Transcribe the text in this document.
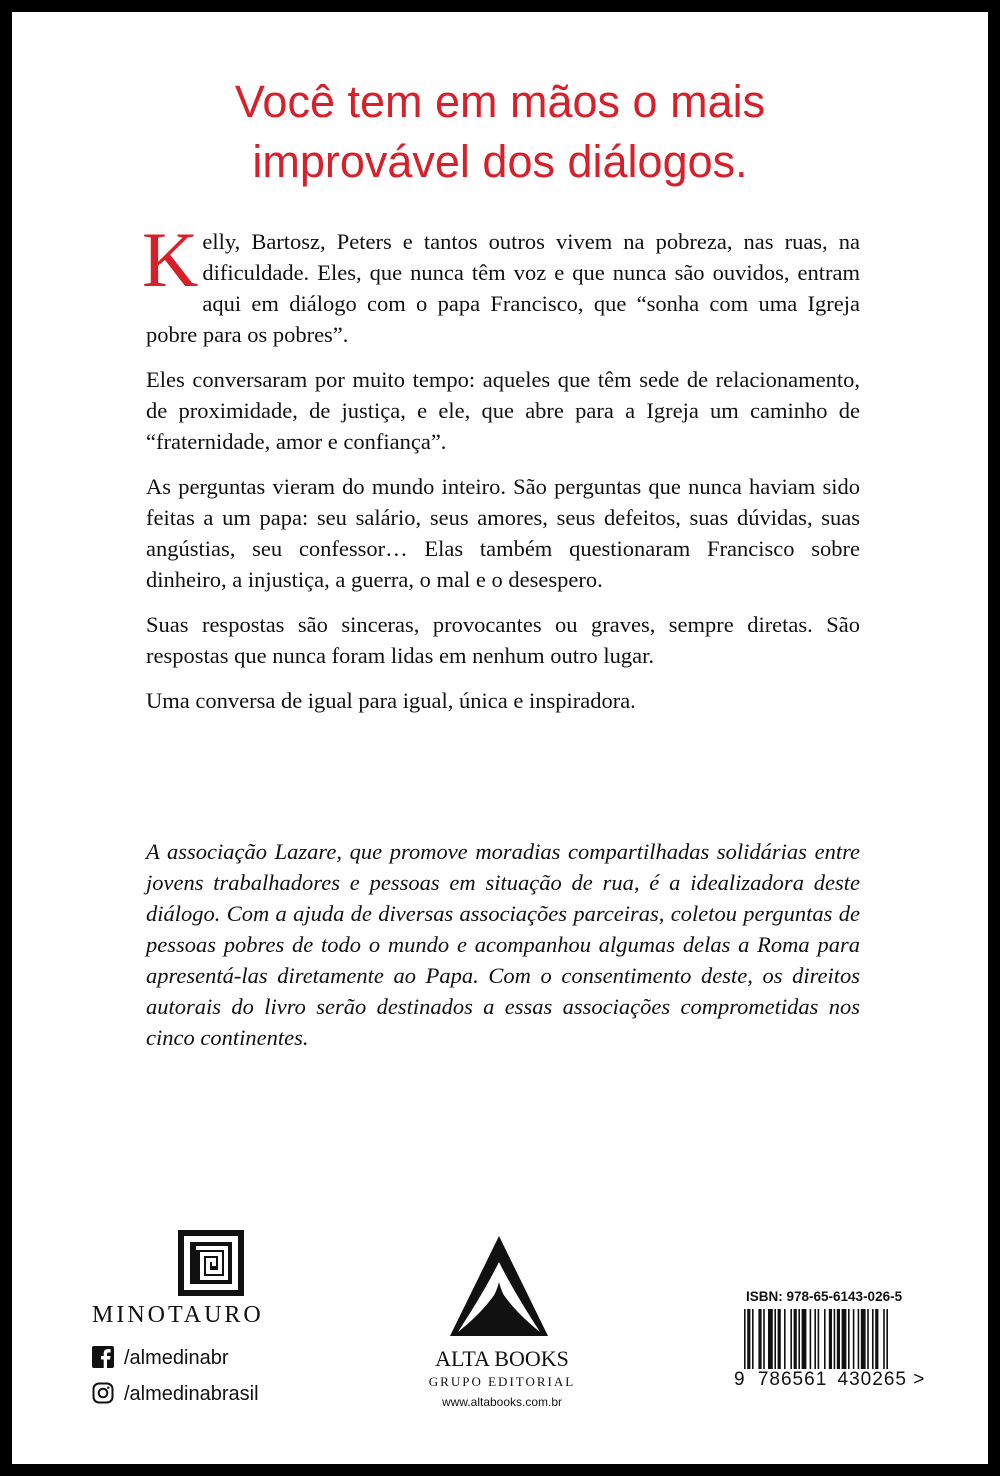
Você tem em mãos o mais
improvável dos diálogos.

Kelly, Bartosz, Peters e tantos outros vivem na pobreza, nas ruas, na dificuldade. Eles, que nunca têm voz e que nunca são ouvidos, entram aqui em diálogo com o papa Francisco, que “sonha com uma Igreja pobre para os pobres”.

Eles conversaram por muito tempo: aqueles que têm sede de relacionamento, de proximidade, de justiça, e ele, que abre para a Igreja um caminho de “fraternidade, amor e confiança”.

As perguntas vieram do mundo inteiro. São perguntas que nunca haviam sido feitas a um papa: seu salário, seus amores, seus defeitos, suas dúvidas, suas angústias, seu confessor… Elas também questionaram Francisco sobre dinheiro, a injustiça, a guerra, o mal e o desespero.

Suas respostas são sinceras, provocantes ou graves, sempre diretas. São respostas que nunca foram lidas em nenhum outro lugar.

Uma conversa de igual para igual, única e inspiradora.

A associação Lazare, que promove moradias compartilhadas solidárias entre jovens trabalhadores e pessoas em situação de rua, é a idealizadora deste diálogo. Com a ajuda de diversas associações parceiras, coletou perguntas de pessoas pobres de todo o mundo e acompanhou algumas delas a Roma para apresentá-las diretamente ao Papa. Com o consentimento deste, os direitos autorais do livro serão destinados a essas associações comprometidas nos cinco continentes.
MINOTAURO
/almedinabr
/almedinabrasil
ALTA BOOKS
GRUPO EDITORIAL
www.altabooks.com.br
ISBN: 978-65-6143-026-5
9 786561 430265 >
